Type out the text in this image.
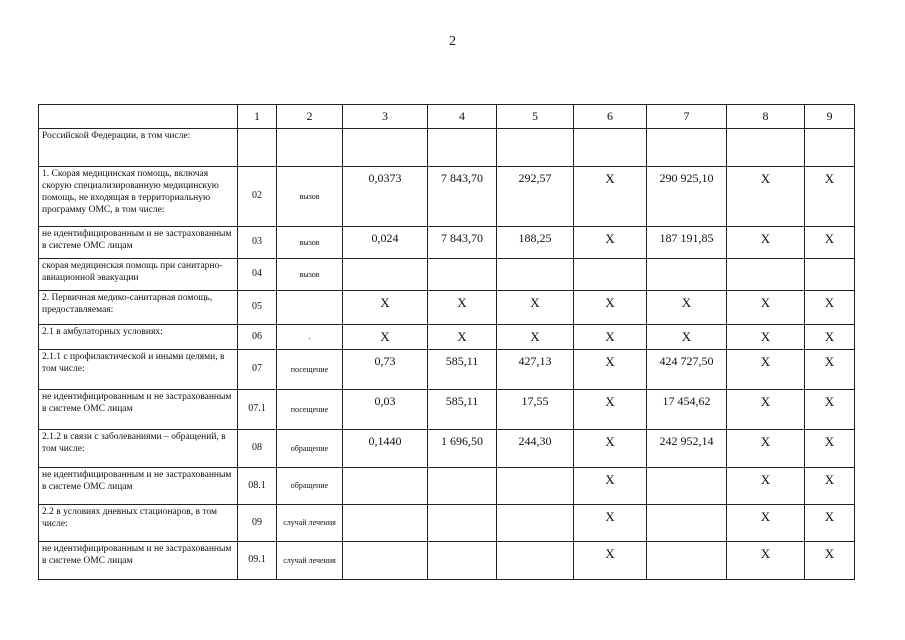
2
	1	2	3	4	5	6	7	8	9
Российской Федерации, в том числе:									
1. Скорая медицинская помощь, включая скорую специализированную медицинскую помощь, не входящая в территориальную программу ОМС, в том числе:	02	вызов	0,0373	7 843,70	292,57	X	290 925,10	X	X
не идентифицированным и не застрахованным в системе ОМС лицам	03	вызов	0,024	7 843,70	188,25	X	187 191,85	X	X
скорая медицинская помощь при санитарно-авиационной эвакуации	04	вызов							
2. Первичная медико-санитарная помощь, предоставляемая:	05		X	X	X	X	X	X	X
2.1 в амбулаторных условиях:	06	.	X	X	X	X	X	X	X
2.1.1 с профилактической и иными целями, в том числе:	07	посещение	0,73	585,11	427,13	X	424 727,50	X	X
не идентифицированным и не застрахованным в системе ОМС лицам	07.1	посещение	0,03	585,11	17,55	X	17 454,62	X	X
2.1.2 в связи с заболеваниями – обращений, в том числе:	08	обращение	0,1440	1 696,50	244,30	X	242 952,14	X	X
не идентифицированным и не застрахованным в системе ОМС лицам	08.1	обращение				X		X	X
2.2 в условиях дневных стационаров, в том числе:	09	случай лечения				X		X	X
не идентифицированным и не застрахованным в системе ОМС лицам	09.1	случай лечения				X		X	X
